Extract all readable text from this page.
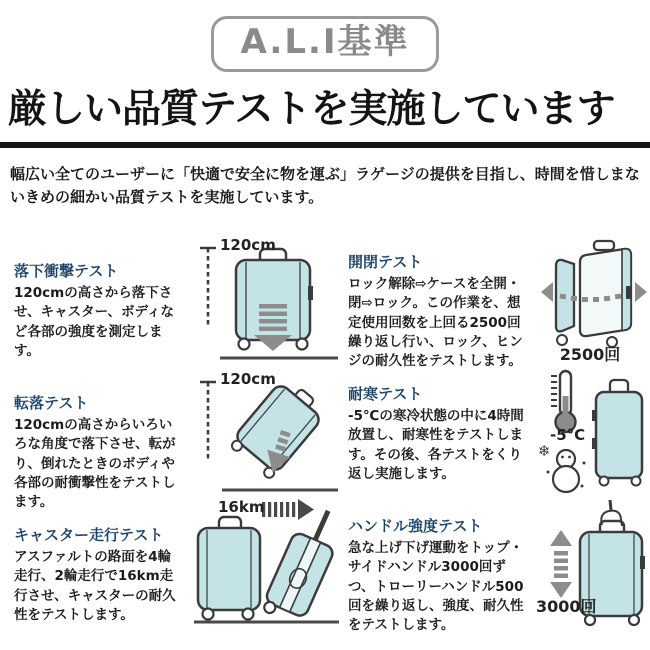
A.L.I基準
厳しい品質テストを実施しています

幅広い全てのユーザーに「快適で安全に物を運ぶ」ラゲージの提供を目指し、時間を惜しまないきめの細かい品質テストを実施しています。

落下衝撃テスト

120cmの高さから落下させ、キャスター、ボディなど各部の強度を測定します。

120cm
開閉テスト

ロック解除⇨ケースを全開・閉⇨ロック。この作業を、想定使用回数を上回る2500回繰り返し行い、ロック、ヒンジの耐久性をテストします。	2500回
転落テスト

120cmの高さからいろいろな角度で落下させ、転がり、倒れたときのボディや各部の耐衝撃性をテストします。

120cm
耐寒テスト

-5℃の寒冷状態の中に4時間放置し、耐寒性をテストします。その後、各テストをくり返し実施します。

-5°C
❄
キャスター走行テスト

アスファルトの路面を4輪走行、2輪走行で16km走行させ、キャスターの耐久性をテストします。

16km
ハンドル強度テスト

急な上げ下げ運動をトップ・サイドハンドル3000回ずつ、トローリーハンドル500回を繰り返し、強度、耐久性をテストします。

3000回
